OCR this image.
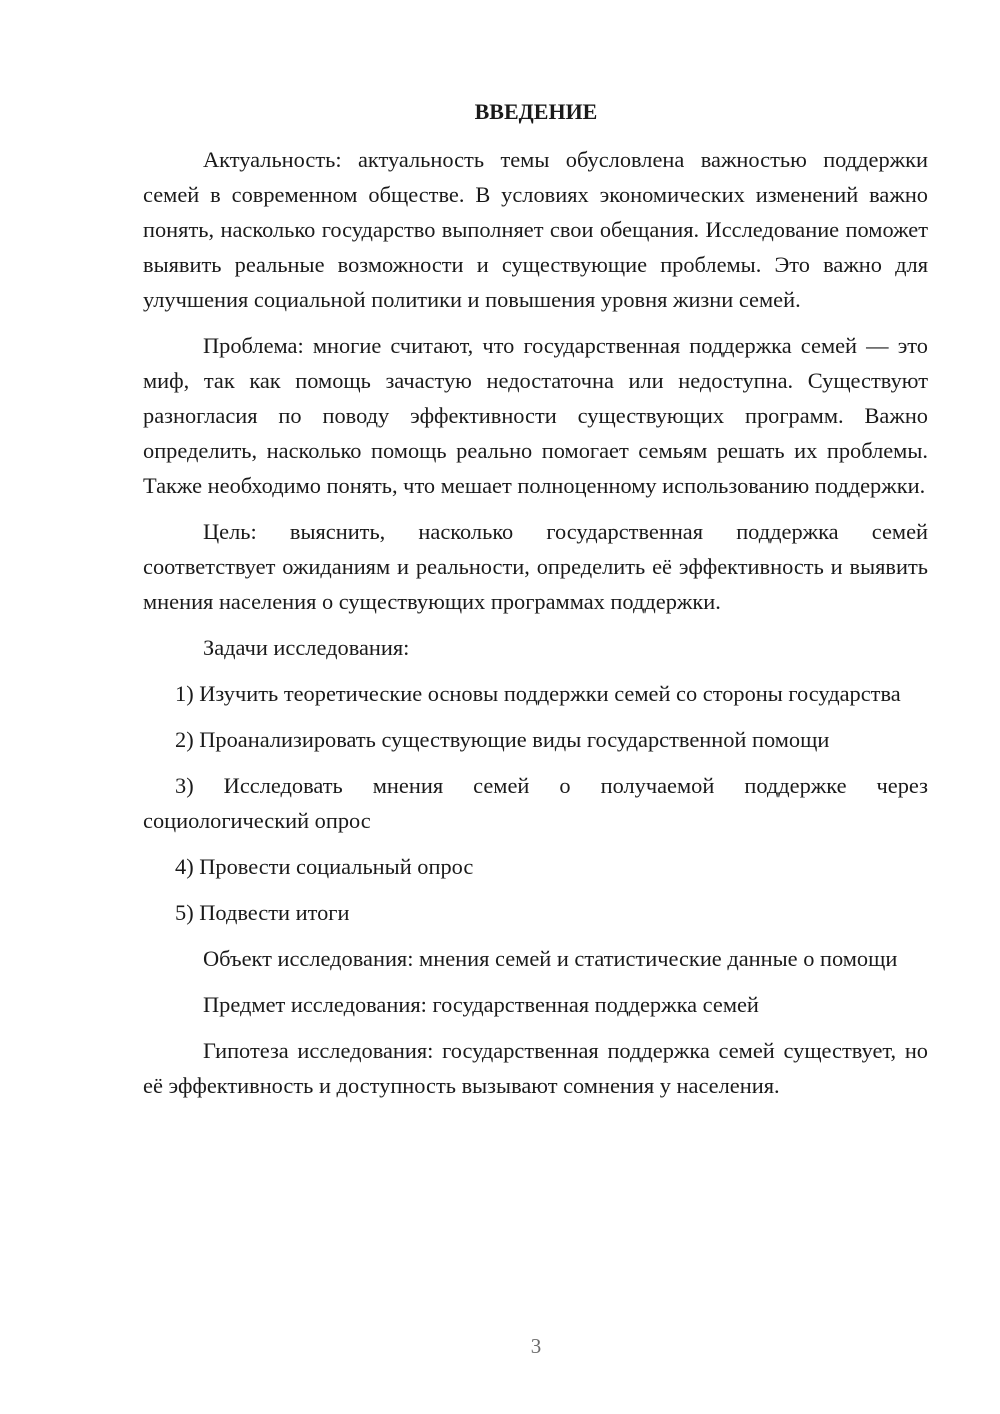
ВВЕДЕНИЕ

Актуальность: актуальность темы обусловлена важностью поддержки семей в современном обществе. В условиях экономических изменений важно понять, насколько государство выполняет свои обещания. Исследование поможет выявить реальные возможности и существующие проблемы. Это важно для улучшения социальной политики и повышения уровня жизни семей.

Проблема: многие считают, что государственная поддержка семей — это миф, так как помощь зачастую недостаточна или недоступна. Существуют разногласия по поводу эффективности существующих программ. Важно определить, насколько помощь реально помогает семьям решать их проблемы. Также необходимо понять, что мешает полноценному использованию поддержки.

Цель: выяснить, насколько государственная поддержка семей соответствует ожиданиям и реальности, определить её эффективность и выявить мнения населения о существующих программах поддержки.

Задачи исследования:

1) Изучить теоретические основы поддержки семей со стороны государства

2) Проанализировать существующие виды государственной помощи

3) Исследовать мнения семей о получаемой поддержке через социологический опрос

4) Провести социальный опрос

5) Подвести итоги

Объект исследования: мнения семей и статистические данные о помощи

Предмет исследования: государственная поддержка семей

Гипотеза исследования: государственная поддержка семей существует, но её эффективность и доступность вызывают сомнения у населения.

3
